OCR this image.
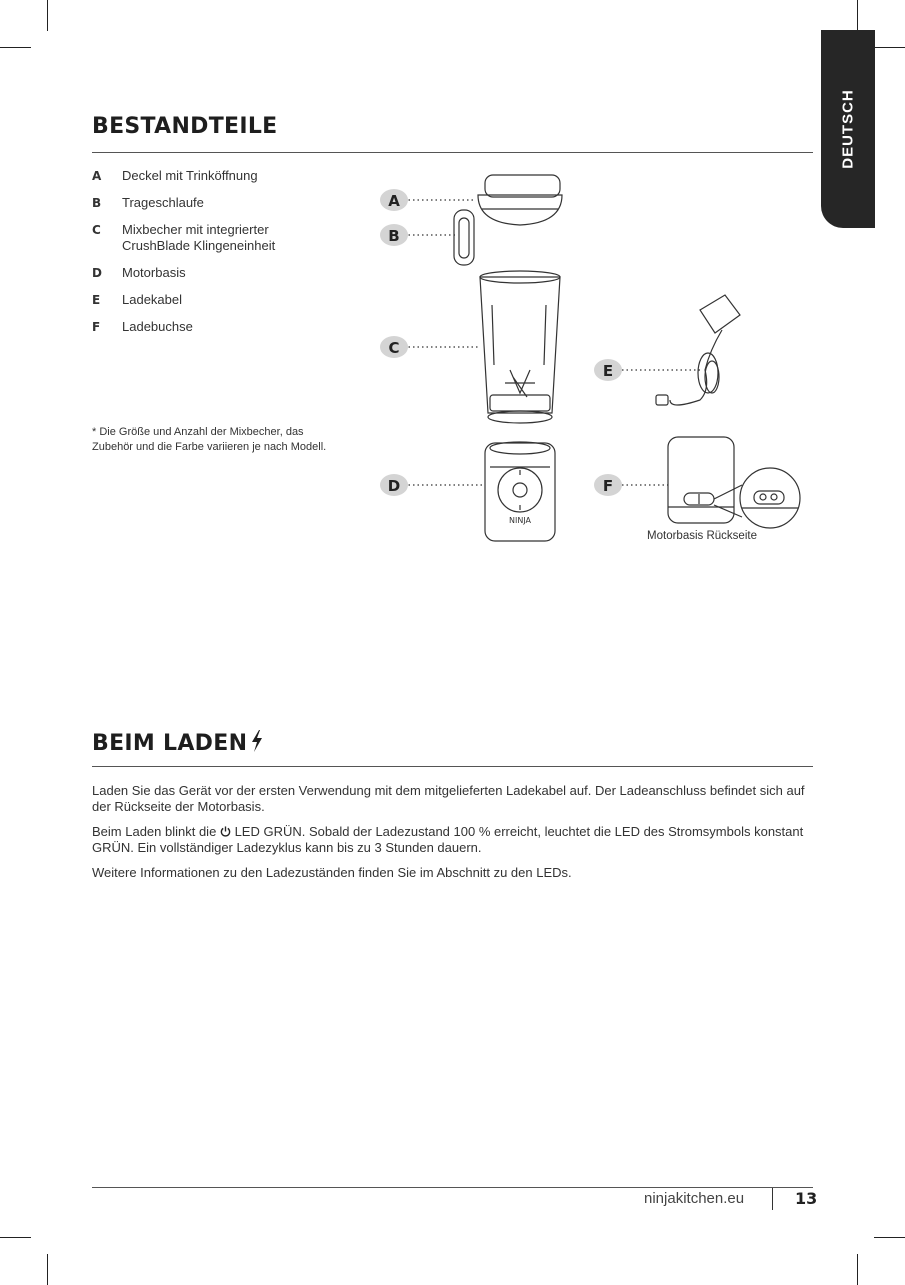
DEUTSCH
BESTANDTEILE
A	Deckel mit Trinköffnung
B	Trageschlaufe
C	Mixbecher mit integrierter CrushBlade Klingeneinheit
D	Motorbasis
E	Ladekabel
F	Ladebuchse
* Die Größe und Anzahl der Mixbecher, das Zubehör und die Farbe variieren je nach Modell.
A
B
C
D
E
F
NINJA
Motorbasis Rückseite
BEIM LADEN
Laden Sie das Gerät vor der ersten Verwendung mit dem mitgelieferten Ladekabel auf. Der Ladeanschluss befindet sich auf der Rückseite der Motorbasis.
Beim Laden blinkt die LED GRÜN. Sobald der Ladezustand 100 % erreicht, leuchtet die LED des Stromsymbols konstant GRÜN. Ein vollständiger Ladezyklus kann bis zu 3 Stunden dauern.
Weitere Informationen zu den Ladezuständen finden Sie im Abschnitt zu den LEDs.
ninjakitchen.eu	13
